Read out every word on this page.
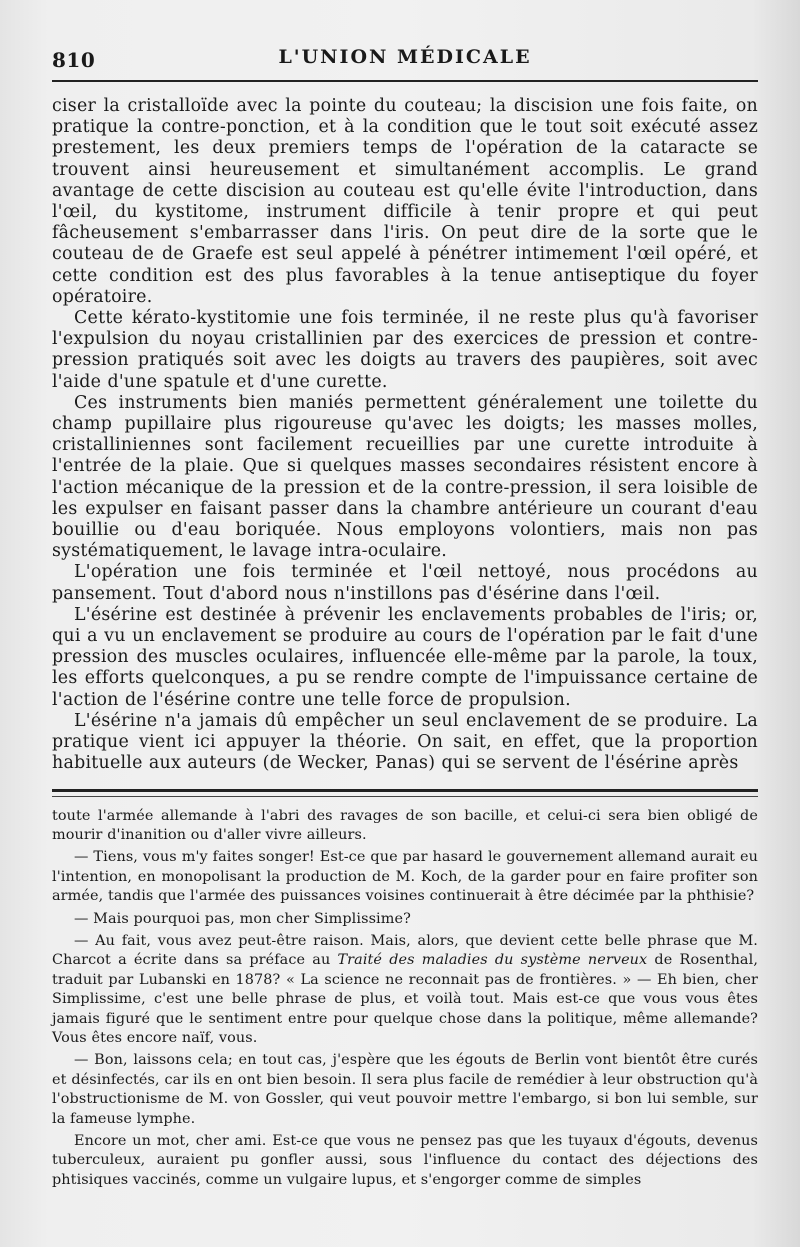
810	L'UNION MÉDICALE

ciser la cristalloïde avec la pointe du couteau; la discision une fois faite, on pratique la contre-ponction, et à la condition que le tout soit exécuté assez prestement, les deux premiers temps de l'opération de la cataracte se trouvent ainsi heureusement et simultanément accomplis. Le grand avantage de cette discision au couteau est qu'elle évite l'introduction, dans l'œil, du kystitome, instrument difficile à tenir propre et qui peut fâcheusement s'embarrasser dans l'iris. On peut dire de la sorte que le couteau de de Graefe est seul appelé à pénétrer intimement l'œil opéré, et cette condition est des plus favorables à la tenue antiseptique du foyer opératoire.

Cette kérato-kystitomie une fois terminée, il ne reste plus qu'à favoriser l'expulsion du noyau cristallinien par des exercices de pression et contre-pression pratiqués soit avec les doigts au travers des paupières, soit avec l'aide d'une spatule et d'une curette.

Ces instruments bien maniés permettent généralement une toilette du champ pupillaire plus rigoureuse qu'avec les doigts; les masses molles, cristalliniennes sont facilement recueillies par une curette introduite à l'entrée de la plaie. Que si quelques masses secondaires résistent encore à l'action mécanique de la pression et de la contre-pression, il sera loisible de les expulser en faisant passer dans la chambre antérieure un courant d'eau bouillie ou d'eau boriquée. Nous employons volontiers, mais non pas systématiquement, le lavage intra-oculaire.

L'opération une fois terminée et l'œil nettoyé, nous procédons au pansement. Tout d'abord nous n'instillons pas d'ésérine dans l'œil.

L'ésérine est destinée à prévenir les enclavements probables de l'iris; or, qui a vu un enclavement se produire au cours de l'opération par le fait d'une pression des muscles oculaires, influencée elle-même par la parole, la toux, les efforts quelconques, a pu se rendre compte de l'impuissance certaine de l'action de l'ésérine contre une telle force de propulsion.

L'ésérine n'a jamais dû empêcher un seul enclavement de se produire. La pratique vient ici appuyer la théorie. On sait, en effet, que la proportion habituelle aux auteurs (de Wecker, Panas) qui se servent de l'ésérine après

toute l'armée allemande à l'abri des ravages de son bacille, et celui-ci sera bien obligé de mourir d'inanition ou d'aller vivre ailleurs.

— Tiens, vous m'y faites songer! Est-ce que par hasard le gouvernement allemand aurait eu l'intention, en monopolisant la production de M. Koch, de la garder pour en faire profiter son armée, tandis que l'armée des puissances voisines continuerait à être décimée par la phthisie?

— Mais pourquoi pas, mon cher Simplissime?

— Au fait, vous avez peut-être raison. Mais, alors, que devient cette belle phrase que M. Charcot a écrite dans sa préface au Traité des maladies du système nerveux de Rosenthal, traduit par Lubanski en 1878? « La science ne reconnait pas de frontières. » — Eh bien, cher Simplissime, c'est une belle phrase de plus, et voilà tout. Mais est-ce que vous vous êtes jamais figuré que le sentiment entre pour quelque chose dans la politique, même allemande? Vous êtes encore naïf, vous.

— Bon, laissons cela; en tout cas, j'espère que les égouts de Berlin vont bientôt être curés et désinfectés, car ils en ont bien besoin. Il sera plus facile de remédier à leur obstruction qu'à l'obstructionisme de M. von Gossler, qui veut pouvoir mettre l'embargo, si bon lui semble, sur la fameuse lymphe.

Encore un mot, cher ami. Est-ce que vous ne pensez pas que les tuyaux d'égouts, devenus tuberculeux, auraient pu gonfler aussi, sous l'influence du contact des déjections des phtisiques vaccinés, comme un vulgaire lupus, et s'engorger comme de simples
